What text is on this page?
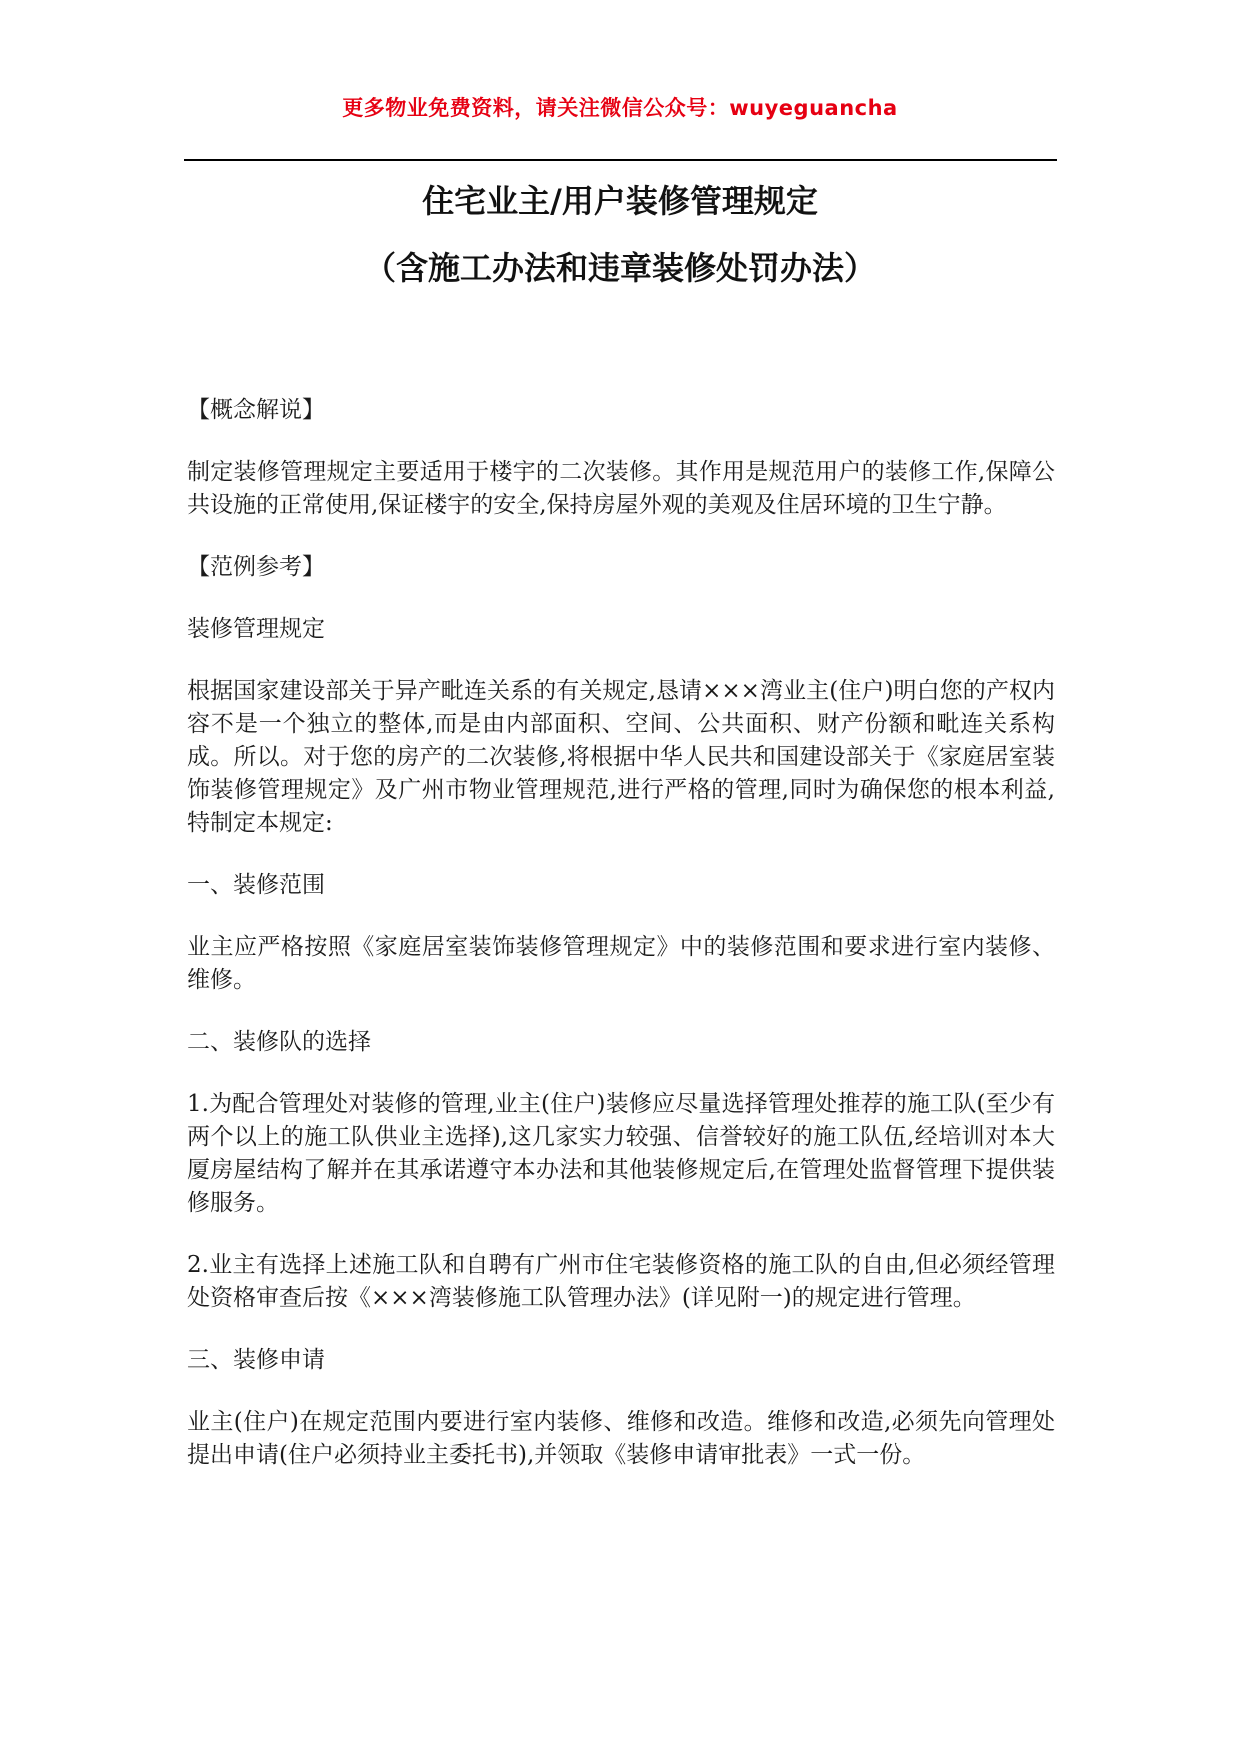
更多物业免费资料，请关注微信公众号：wuyeguancha
住宅业主/用户装修管理规定
（含施工办法和违章装修处罚办法）

【概念解说】

制定装修管理规定主要适用于楼宇的二次装修。其作用是规范用户的装修工作,保障公共设施的正常使用,保证楼宇的安全,保持房屋外观的美观及住居环境的卫生宁静。

【范例参考】

装修管理规定

根据国家建设部关于异产毗连关系的有关规定,恳请×××湾业主(住户)明白您的产权内容不是一个独立的整体,而是由内部面积、空间、公共面积、财产份额和毗连关系构成。所以。对于您的房产的二次装修,将根据中华人民共和国建设部关于《家庭居室装饰装修管理规定》及广州市物业管理规范,进行严格的管理,同时为确保您的根本利益,特制定本规定:

一、装修范围

业主应严格按照《家庭居室装饰装修管理规定》中的装修范围和要求进行室内装修、维修。

二、装修队的选择

1.为配合管理处对装修的管理,业主(住户)装修应尽量选择管理处推荐的施工队(至少有两个以上的施工队供业主选择),这几家实力较强、信誉较好的施工队伍,经培训对本大厦房屋结构了解并在其承诺遵守本办法和其他装修规定后,在管理处监督管理下提供装修服务。

2.业主有选择上述施工队和自聘有广州市住宅装修资格的施工队的自由,但必须经管理处资格审查后按《×××湾装修施工队管理办法》(详见附一)的规定进行管理。

三、装修申请

业主(住户)在规定范围内要进行室内装修、维修和改造。维修和改造,必须先向管理处提出申请(住户必须持业主委托书),并领取《装修申请审批表》一式一份。
